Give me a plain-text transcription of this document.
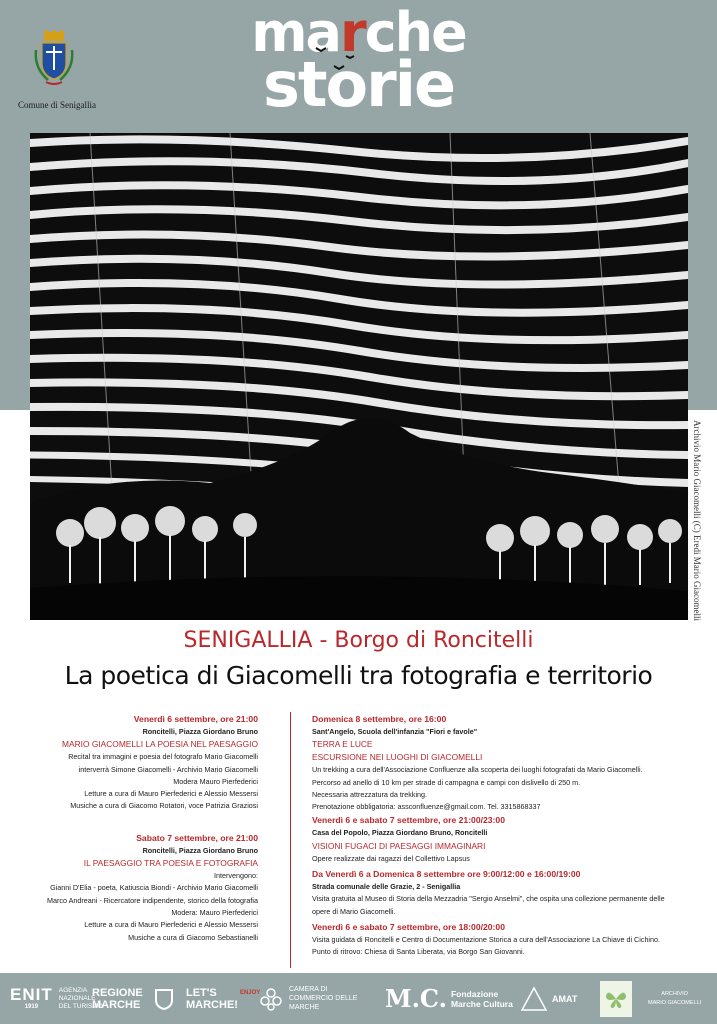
Comune di Senigallia
marche
storie
Archivio Mario Giacomelli (C) Eredi Mario Giacomelli
SENIGALLIA - Borgo di Roncitelli
La poetica di Giacomelli tra fotografia e territorio
Venerdì 6 settembre, ore 21:00
Roncitelli, Piazza Giordano Bruno
MARIO GIACOMELLI LA POESIA NEL PAESAGGIO
Recital tra immagini e poesia del fotografo Mario Giacomelli
interverrà Simone Giacomelli - Archivio Mario Giacomelli
Modera Mauro Pierfederici
Letture a cura di Mauro Pierfederici e Alessio Messersi
Musiche a cura di Giacomo Rotatori, voce Patrizia Graziosi
Sabato 7 settembre, ore 21:00
Roncitelli, Piazza Giordano Bruno
IL PAESAGGIO TRA POESIA E FOTOGRAFIA
Intervengono:
Gianni D'Elia - poeta, Katiuscia Biondi - Archivio Mario Giacomelli
Marco Andreani - Ricercatore indipendente, storico della fotografia
Modera: Mauro Pierfederici
Letture a cura di Mauro Pierfederici e Alessio Messersi
Musiche a cura di Giacomo Sebastianelli
Domenica 8 settembre, ore 16:00
Sant'Angelo, Scuola dell'infanzia "Fiori e favole"
TERRA E LUCE
ESCURSIONE NEI LUOGHI DI GIACOMELLI
Un trekking a cura dell'Associazione Confluenze alla scoperta dei luoghi fotografati da Mario Giacomelli.
Percorso ad anello di 10 km per strade di campagna e campi con dislivello di 250 m.
Necessaria attrezzatura da trekking.
Prenotazione obbligatoria: assconfluenze@gmail.com. Tel. 3315868337
Venerdì 6 e sabato 7 settembre, ore 21:00/23:00
Casa del Popolo, Piazza Giordano Bruno, Roncitelli
VISIONI FUGACI DI PAESAGGI IMMAGINARI
Opere realizzate dai ragazzi del Collettivo Lapsus
Da Venerdì 6 a Domenica 8 settembre ore 9:00/12:00 e 16:00/19:00
Strada comunale delle Grazie, 2 - Senigallia
Visita gratuita al Museo di Storia della Mezzadria "Sergio Anselmi", che ospita una collezione permanente delle
opere di Mario Giacomelli.
Venerdì 6 e sabato 7 settembre, ore 18:00/20:00
Visita guidata di Roncitelli e Centro di Documentazione Storica a cura dell'Associazione La Chiave di Cichino.
Punto di ritrovo: Chiesa di Santa Liberata, via Borgo San Giovanni.
ENIT
1919
AGENZIA NAZIONALE DEL TURISMO
REGIONE MARCHE
LET'S
MARCHE!
ENJOY	CAMERA DI COMMERCIO DELLE MARCHE	M.C. Fondazione
Marche Cultura	AMAT	ARCHIVIO
MARIO GIACOMELLI
